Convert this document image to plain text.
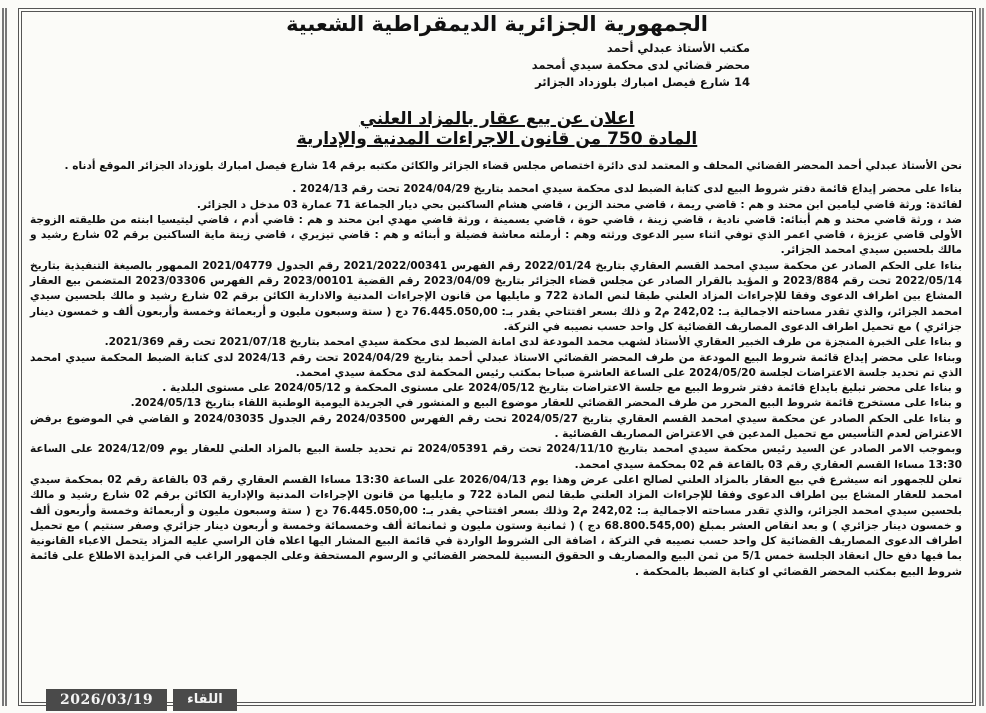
الجمهورية الجزائرية الديمقراطية الشعبية
مكتب الأستاذ عبدلي أحمد
محضر قضائي لدى محكمة سيدي أمحمد
14 شارع فيصل امبارك بلوزداد الجزائر
اعلان عن بيع عقار بالمزاد العلني
المادة 750 من قانون الاجراءات المدنية والإدارية

نحن الأستاذ عبدلي أحمد المحضر القضائي المحلف و المعتمد لدى دائرة اختصاص مجلس قضاء الجزائر والكائن مكتبه برقم 14 شارع فيصل امبارك بلوزداد الجزائر الموقع أدناه .

بناءا على محضر إيداع قائمة دفتر شروط البيع لدى كتابة الضبط لدى محكمة سيدي امحمد بتاريخ 2024/04/29 تحت رقم 2024/13 .

لفائدة: ورثة قاضي ليامين ابن محند و هم : قاضي ريمة ، قاضي محند الزين ، قاضي هشام الساكنين بحي ديار الجماعة 71 عمارة 03 مدخل د الجزائر.

ضد ، ورثة قاضي محند و هم أبنائه: قاضي نادية ، قاضي زينة ، قاضي حوة ، قاضي يسمينة ، ورثة قاضي مهدي ابن محند و هم : قاضي أدم ، قاضي ليتيسيا ابنته من طليقته الزوجة الأولى قاضي عزيزة ، قاضي اعمر الذي توفي اثناء سير الدعوى ورثته وهم : أرملته معاشة فضيلة و أبنائه و هم : قاضي تيزيري ، قاضي زينة ماية الساكنين برقم 02 شارع رشيد و مالك بلحسين سيدي امحمد الجزائر.

بناءا على الحكم الصادر عن محكمة سيدي امحمد القسم العقاري بتاريخ 2022/01/24 رقم الفهرس 2021/2022/00341 رقم الجدول 2021/04779 الممهور بالصيغة التنفيذية بتاريخ 2022/05/14 تحت رقم 2023/884 و المؤيد بالقرار الصادر عن مجلس قضاء الجزائر بتاريخ 2023/04/09 رقم القضية 2023/00101 رقم الفهرس 2023/03306 المتضمن بيع العقار المشاع بين اطراف الدعوى وفقا للإجراءات المزاد العلني طبقا لنص المادة 722 و مايليها من قانون الإجراءات المدنية والادارية الكائن برقم 02 شارع رشيد و مالك بلحسين سيدي امحمد الجزائر، والذي تقدر مساحته الاجمالية بـ: 242,02 م2 و ذلك بسعر افتتاحي يقدر بـ: 76.445.050,00 دج ( ستة وسبعون مليون و أربعمائة وخمسة وأربعون ألف و خمسون دينار جزائري ) مع تحميل اطراف الدعوى المصاريف القضائية كل واحد حسب نصيبه في التركة.

و بناءا على الخبرة المنجزة من طرف الخبير العقاري الأستاذ لشهب محمد المودعة لدى امانة الضبط لدى محكمة سيدي امحمد بتاريخ 2021/07/18 تحت رقم 2021/369.

وبناءا على محضر إيداع قائمة شروط البيع المودعة من طرف المحضر القضائي الاستاذ عبدلي أحمد بتاريخ 2024/04/29 تحت رقم 2024/13 لدى كتابة الضبط المحكمة سيدي امحمد الذي تم تحديد جلسة الاعتراضات لجلسة 2024/05/20 على الساعة العاشرة صباحا بمكتب رئيس المحكمة لدى محكمة سيدي امحمد.

و بناءا على محضر تبليغ بايداع قائمة دفتر شروط البيع مع جلسة الاعتراضات بتاريخ 2024/05/12 على مستوى المحكمة و 2024/05/12 على مستوى البلدية .

و بناءا على مستخرج قائمة شروط البيع المحرر من طرف المحضر القضائي للعقار موضوع البيع و المنشور في الجريدة اليومية الوطنية اللقاء بتاريخ 2024/05/13.

و بناءا على الحكم الصادر عن محكمة سيدي امحمد القسم العقاري بتاريخ 2024/05/27 تحت رقم الفهرس 2024/03500 رقم الجدول 2024/03035 و القاضي في الموضوع برفض الاعتراض لعدم التأسيس مع تحميل المدعين في الاعتراض المصاريف القضائية .

وبموجب الامر الصادر عن السيد رئيس محكمة سيدي امحمد بتاريخ 2024/11/10 تحت رقم 2024/05391 تم تحديد جلسة البيع بالمزاد العلني للعقار يوم 2024/12/09 على الساعة 13:30 مساءا القسم العقاري رقم 03 بالقاعة قم 02 بمحكمة سيدي امحمد.

تعلن للجمهور انه سيشرع في بيع العقار بالمزاد العلني لصالح اعلى عرض وهذا يوم 2026/04/13 على الساعة 13:30 مساءا القسم العقاري رقم 03 بالقاعة رقم 02 بمحكمة سيدي امحمد للعقار المشاع بين اطراف الدعوى وفقا للإجراءات المزاد العلني طبقا لنص المادة 722 و مايليها من قانون الإجراءات المدنية والإدارية الكائن برقم 02 شارع رشيد و مالك بلحسين سيدي امحمد الجزائر، والذي تقدر مساحته الاجمالية بـ: 242,02 م2 وذلك بسعر افتتاحي يقدر بـ: 76.445.050,00 دج ( ستة وسبعون مليون و أربعمائة وخمسة وأربعون ألف و خمسون دينار جزائري ) و بعد انقاص العشر بمبلغ (68.800.545,00 دج ) ( ثمانية وستون مليون و ثمانمائة ألف وخمسمائة وخمسة و أربعون دينار جزائري وصفر سنتيم ) مع تحميل اطراف الدعوى المصاريف القضائية كل واحد حسب نصيبه في التركة ، اضافة الى الشروط الواردة في قائمة البيع المشار اليها اعلاه فان الراسي عليه المزاد يتحمل الاعباء القانونية بما فيها دفع حال انعقاد الجلسة خمس 5/1 من ثمن البيع والمصاريف و الحقوق النسبية للمحضر القضائي و الرسوم المستحقة وعلى الجمهور الراغب في المزايدة الاطلاع على قائمة شروط البيع بمكتب المحضر القضائي او كتابة الضبط بالمحكمة .

2026/03/19	اللقاء
